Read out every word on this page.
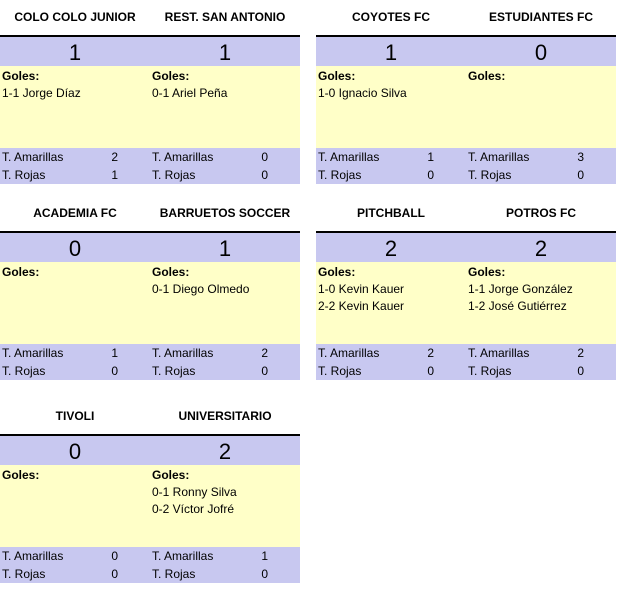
COLO COLO JUNIOR	REST. SAN ANTONIO
1	1
Goles:
1-1 Jorge Díaz
Goles:
0-1 Ariel Peña
T. Amarillas	2	T. Amarillas	0
T. Rojas	1	T. Rojas	0
COYOTES FC	ESTUDIANTES FC
1	0
Goles:
1-0 Ignacio Silva
Goles:
T. Amarillas	1	T. Amarillas	3
T. Rojas	0	T. Rojas	0
ACADEMIA FC	BARRUETOS SOCCER
0	1
Goles:	Goles:
0-1 Diego Olmedo
T. Amarillas	1	T. Amarillas	2
T. Rojas	0	T. Rojas	0
PITCHBALL	POTROS FC
2	2
Goles:
1-0 Kevin Kauer
2-2 Kevin Kauer
Goles:
1-1 Jorge González
1-2 José Gutiérrez
T. Amarillas	2	T. Amarillas	2
T. Rojas	0	T. Rojas	0
TIVOLI	UNIVERSITARIO
0	2
Goles:	Goles:
0-1 Ronny Silva
0-2 Víctor Jofré
T. Amarillas	0	T. Amarillas	1
T. Rojas	0	T. Rojas	0
